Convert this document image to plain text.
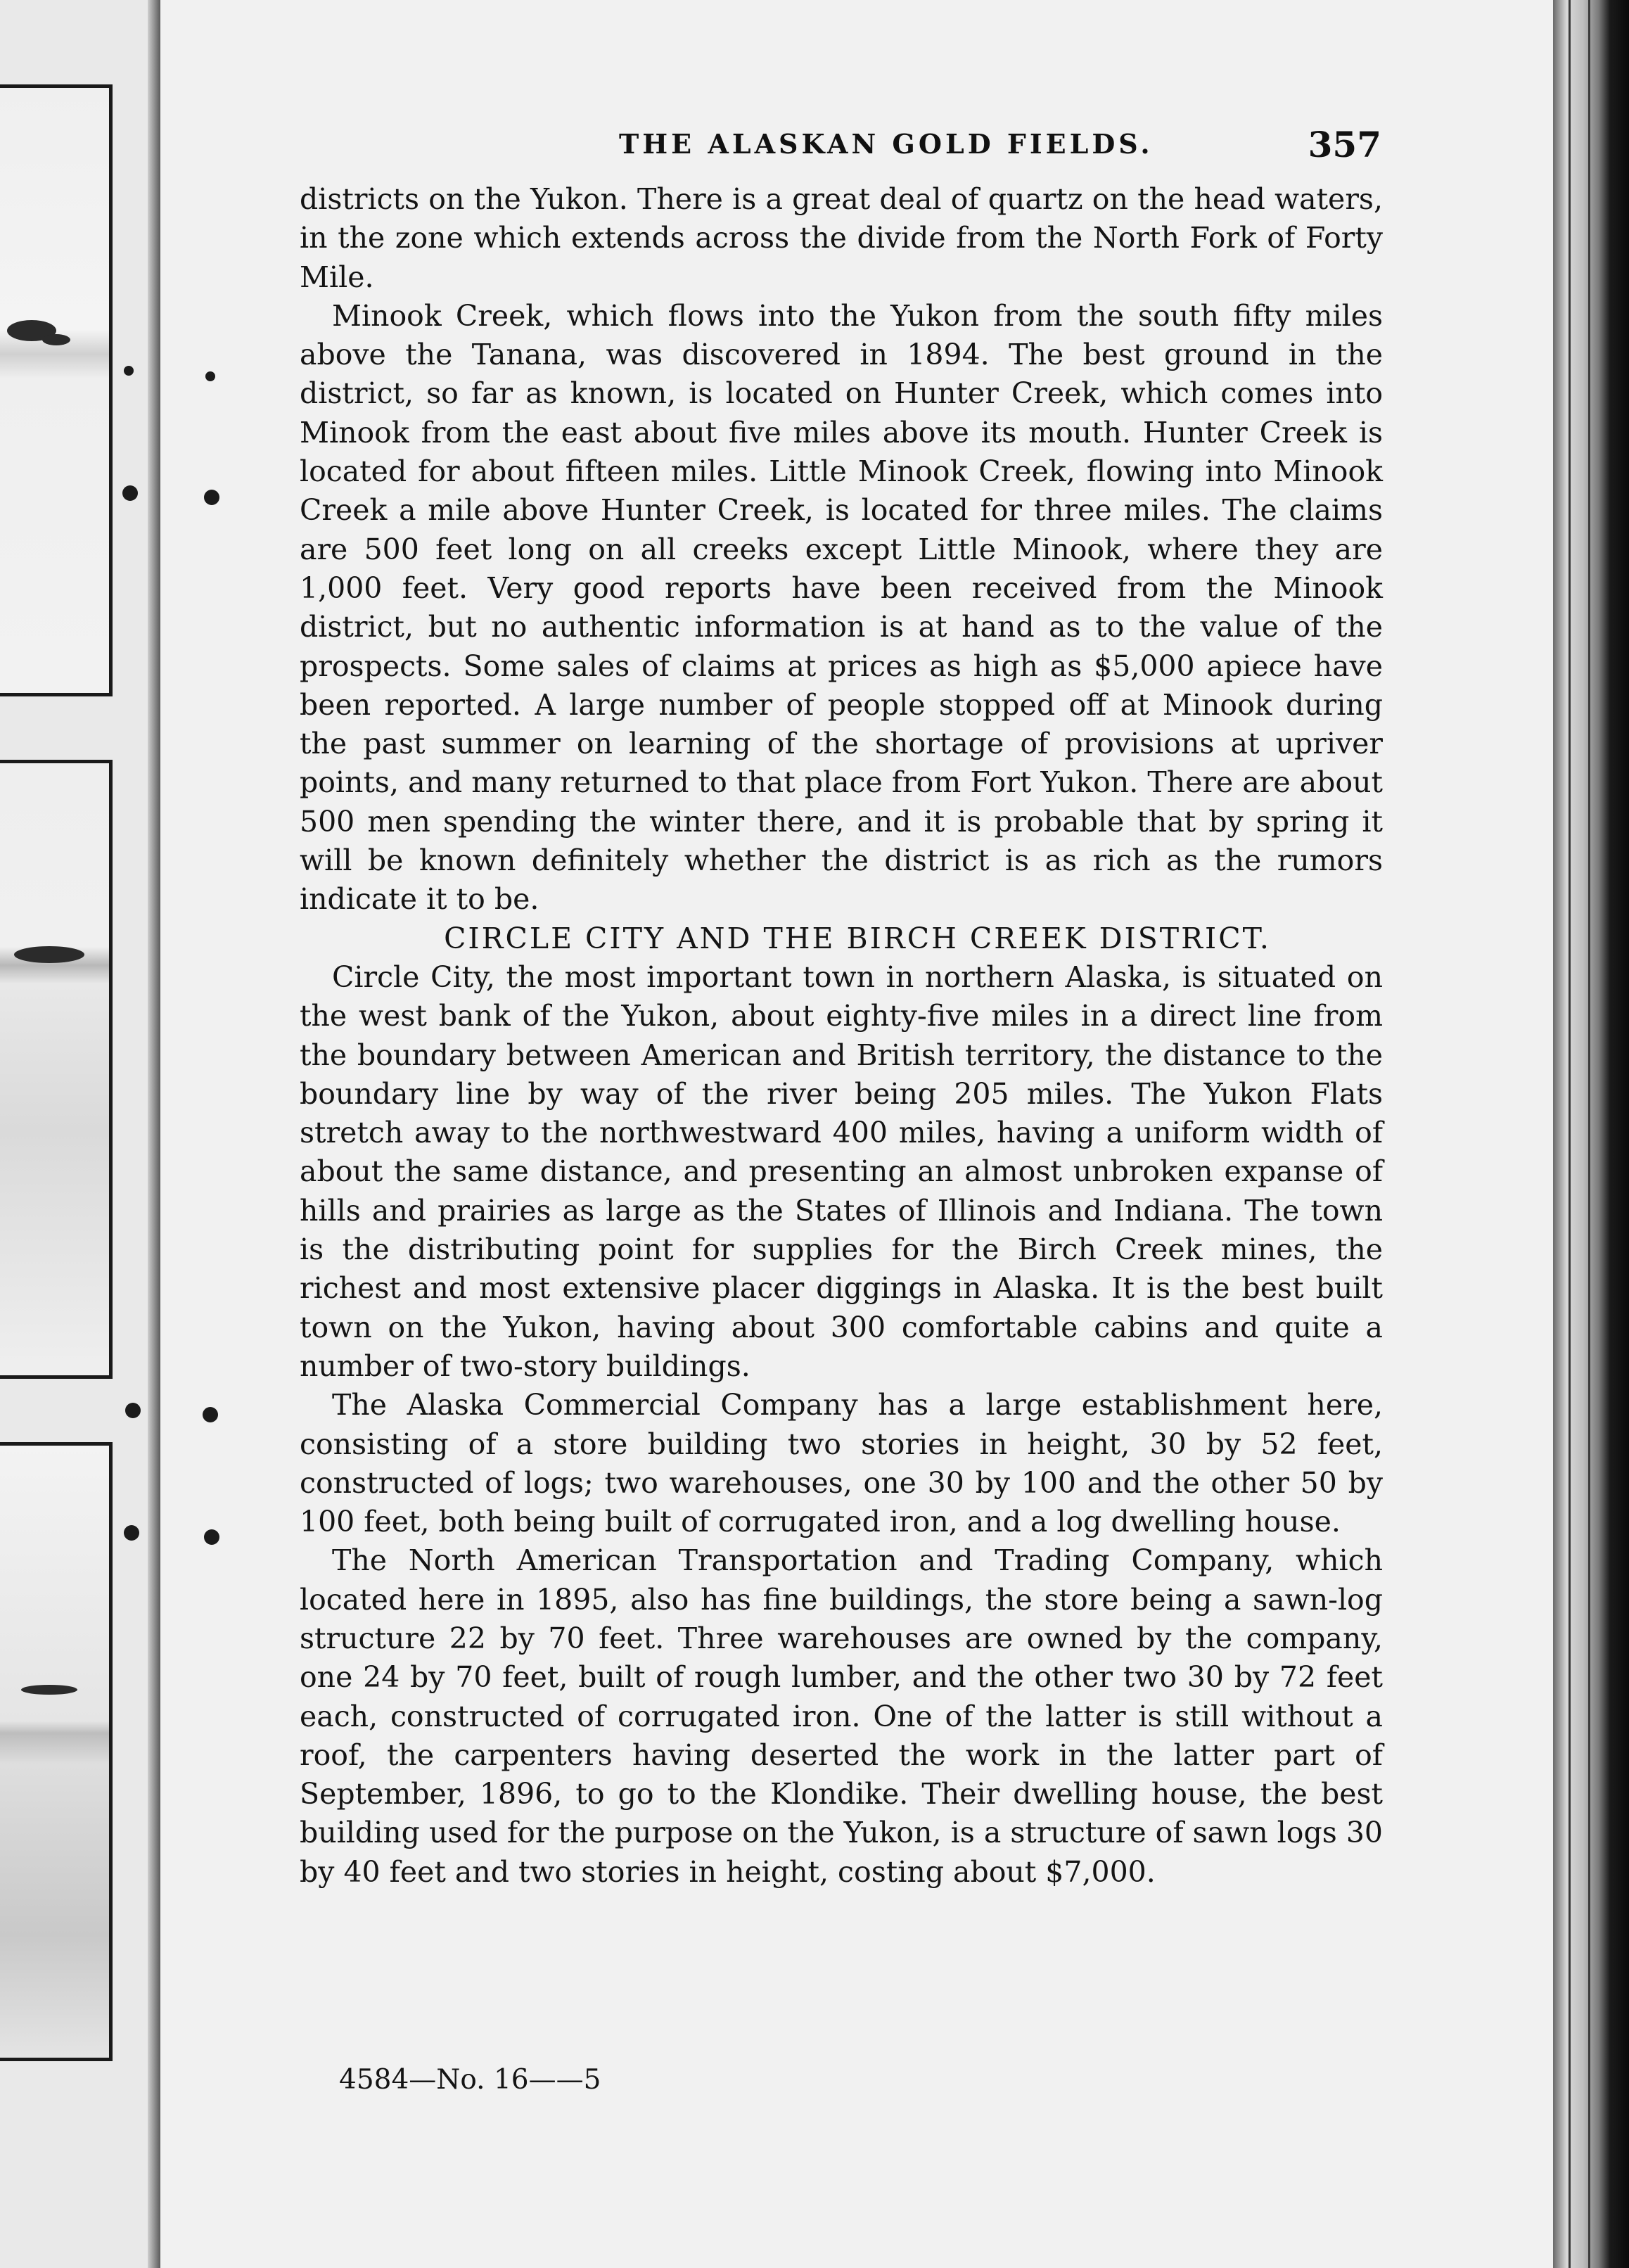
THE ALASKAN GOLD FIELDS.	357

districts on the Yukon. There is a great deal of quartz on the head waters, in the zone which extends across the divide from the North Fork of Forty Mile.

Minook Creek, which flows into the Yukon from the south fifty miles above the Tanana, was discovered in 1894. The best ground in the district, so far as known, is located on Hunter Creek, which comes into Minook from the east about five miles above its mouth. Hunter Creek is located for about fifteen miles. Little Minook Creek, flowing into Minook Creek a mile above Hunter Creek, is located for three miles. The claims are 500 feet long on all creeks except Little Minook, where they are 1,000 feet. Very good reports have been received from the Minook district, but no authentic information is at hand as to the value of the prospects. Some sales of claims at prices as high as $5,000 apiece have been reported. A large number of people stopped off at Minook during the past summer on learning of the shortage of provisions at upriver points, and many returned to that place from Fort Yukon. There are about 500 men spending the winter there, and it is probable that by spring it will be known definitely whether the district is as rich as the rumors indicate it to be.

CIRCLE CITY AND THE BIRCH CREEK DISTRICT.

Circle City, the most important town in northern Alaska, is situated on the west bank of the Yukon, about eighty-five miles in a direct line from the boundary between American and British territory, the distance to the boundary line by way of the river being 205 miles. The Yukon Flats stretch away to the northwestward 400 miles, having a uniform width of about the same distance, and presenting an almost unbroken expanse of hills and prairies as large as the States of Illinois and Indiana. The town is the distributing point for supplies for the Birch Creek mines, the richest and most extensive placer diggings in Alaska. It is the best built town on the Yukon, having about 300 comfortable cabins and quite a number of two-story buildings.

The Alaska Commercial Company has a large establishment here, consisting of a store building two stories in height, 30 by 52 feet, constructed of logs; two warehouses, one 30 by 100 and the other 50 by 100 feet, both being built of corrugated iron, and a log dwelling house.

The North American Transportation and Trading Company, which located here in 1895, also has fine buildings, the store being a sawn-log structure 22 by 70 feet. Three warehouses are owned by the company, one 24 by 70 feet, built of rough lumber, and the other two 30 by 72 feet each, constructed of corrugated iron. One of the latter is still without a roof, the carpenters having deserted the work in the latter part of September, 1896, to go to the Klondike. Their dwelling house, the best building used for the purpose on the Yukon, is a structure of sawn logs 30 by 40 feet and two stories in height, costing about $7,000.

4584—No. 16——5
